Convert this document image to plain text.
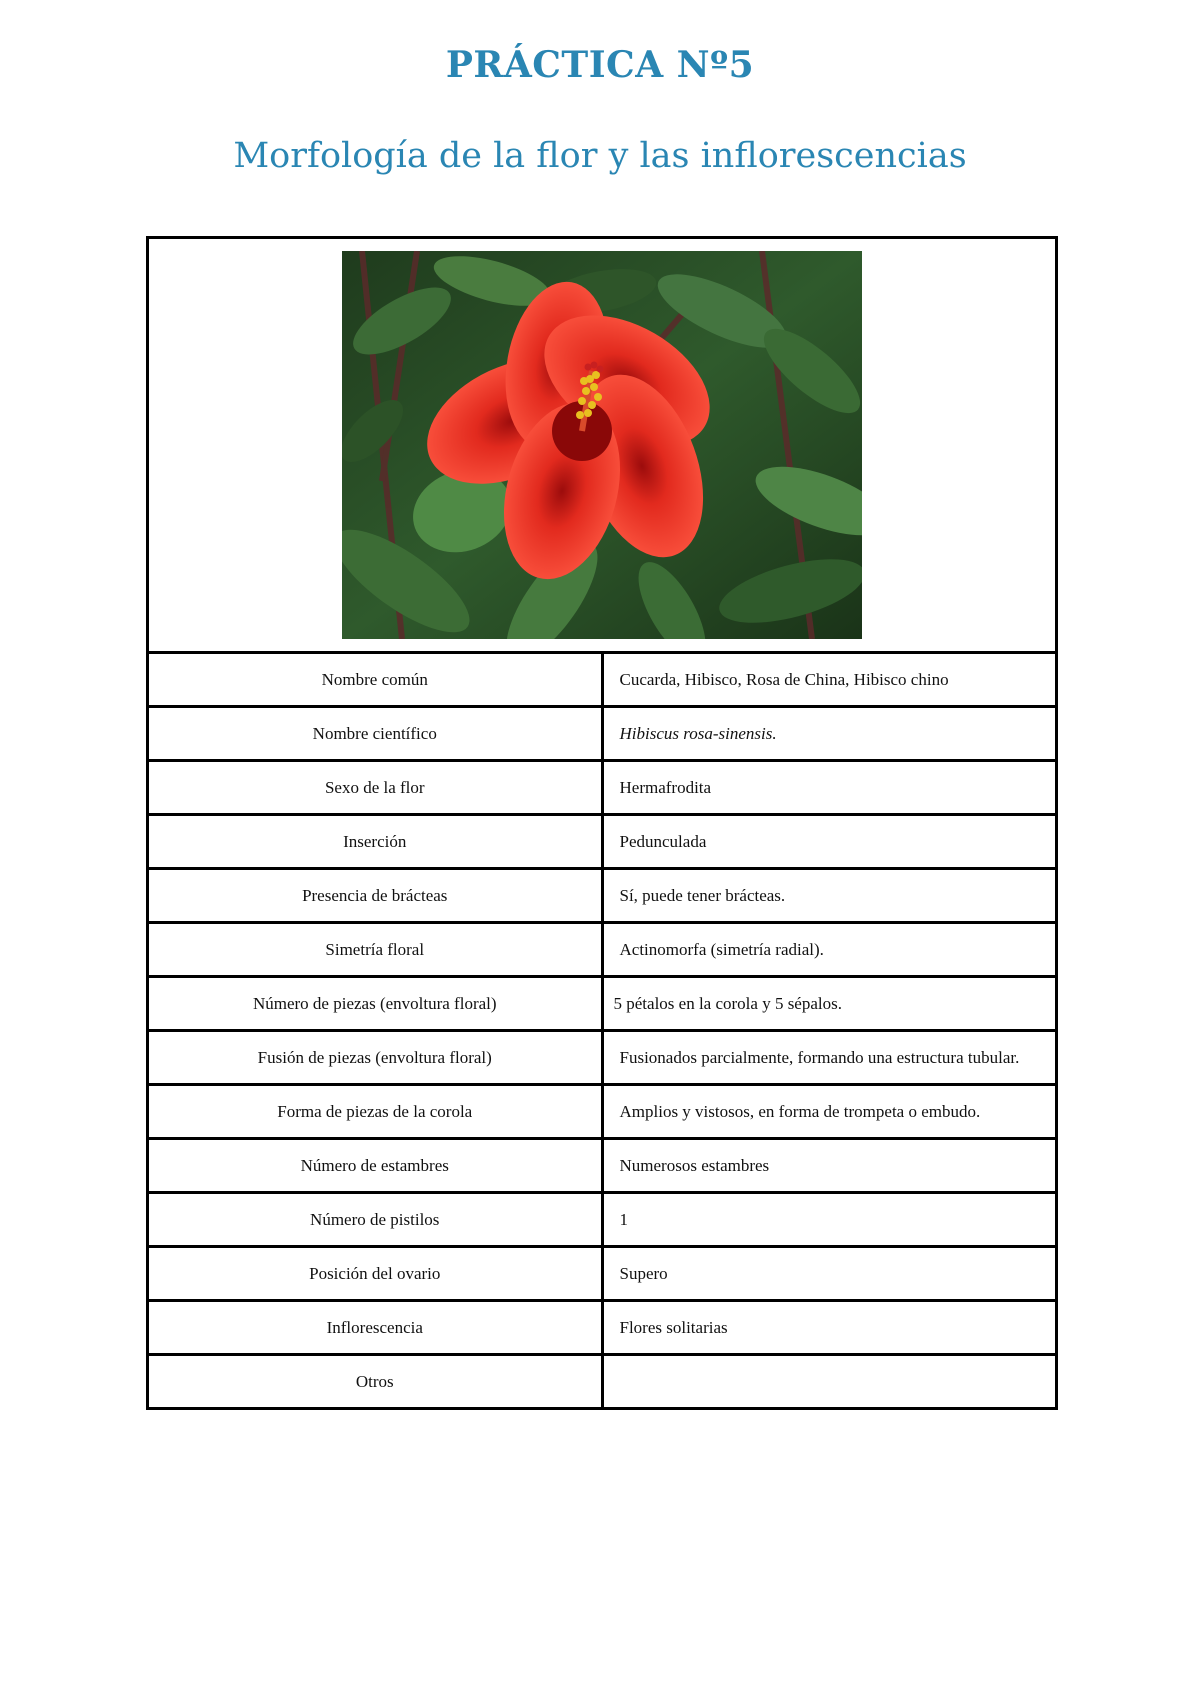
PRÁCTICA Nº5
Morfología de la flor y las inflorescencias

Nombre común	Cucarda, Hibisco, Rosa de China, Hibisco chino
Nombre científico	Hibiscus rosa-sinensis.
Sexo de la flor	Hermafrodita
Inserción	Pedunculada
Presencia de brácteas	Sí, puede tener brácteas.
Simetría floral	Actinomorfa (simetría radial).
Número de piezas (envoltura floral)	5 pétalos en la corola y 5 sépalos.
Fusión de piezas (envoltura floral)	Fusionados parcialmente, formando una estructura tubular.
Forma de piezas de la corola	Amplios y vistosos, en forma de trompeta o embudo.
Número de estambres	Numerosos estambres
Número de pistilos	1
Posición del ovario	Supero
Inflorescencia	Flores solitarias
Otros	
